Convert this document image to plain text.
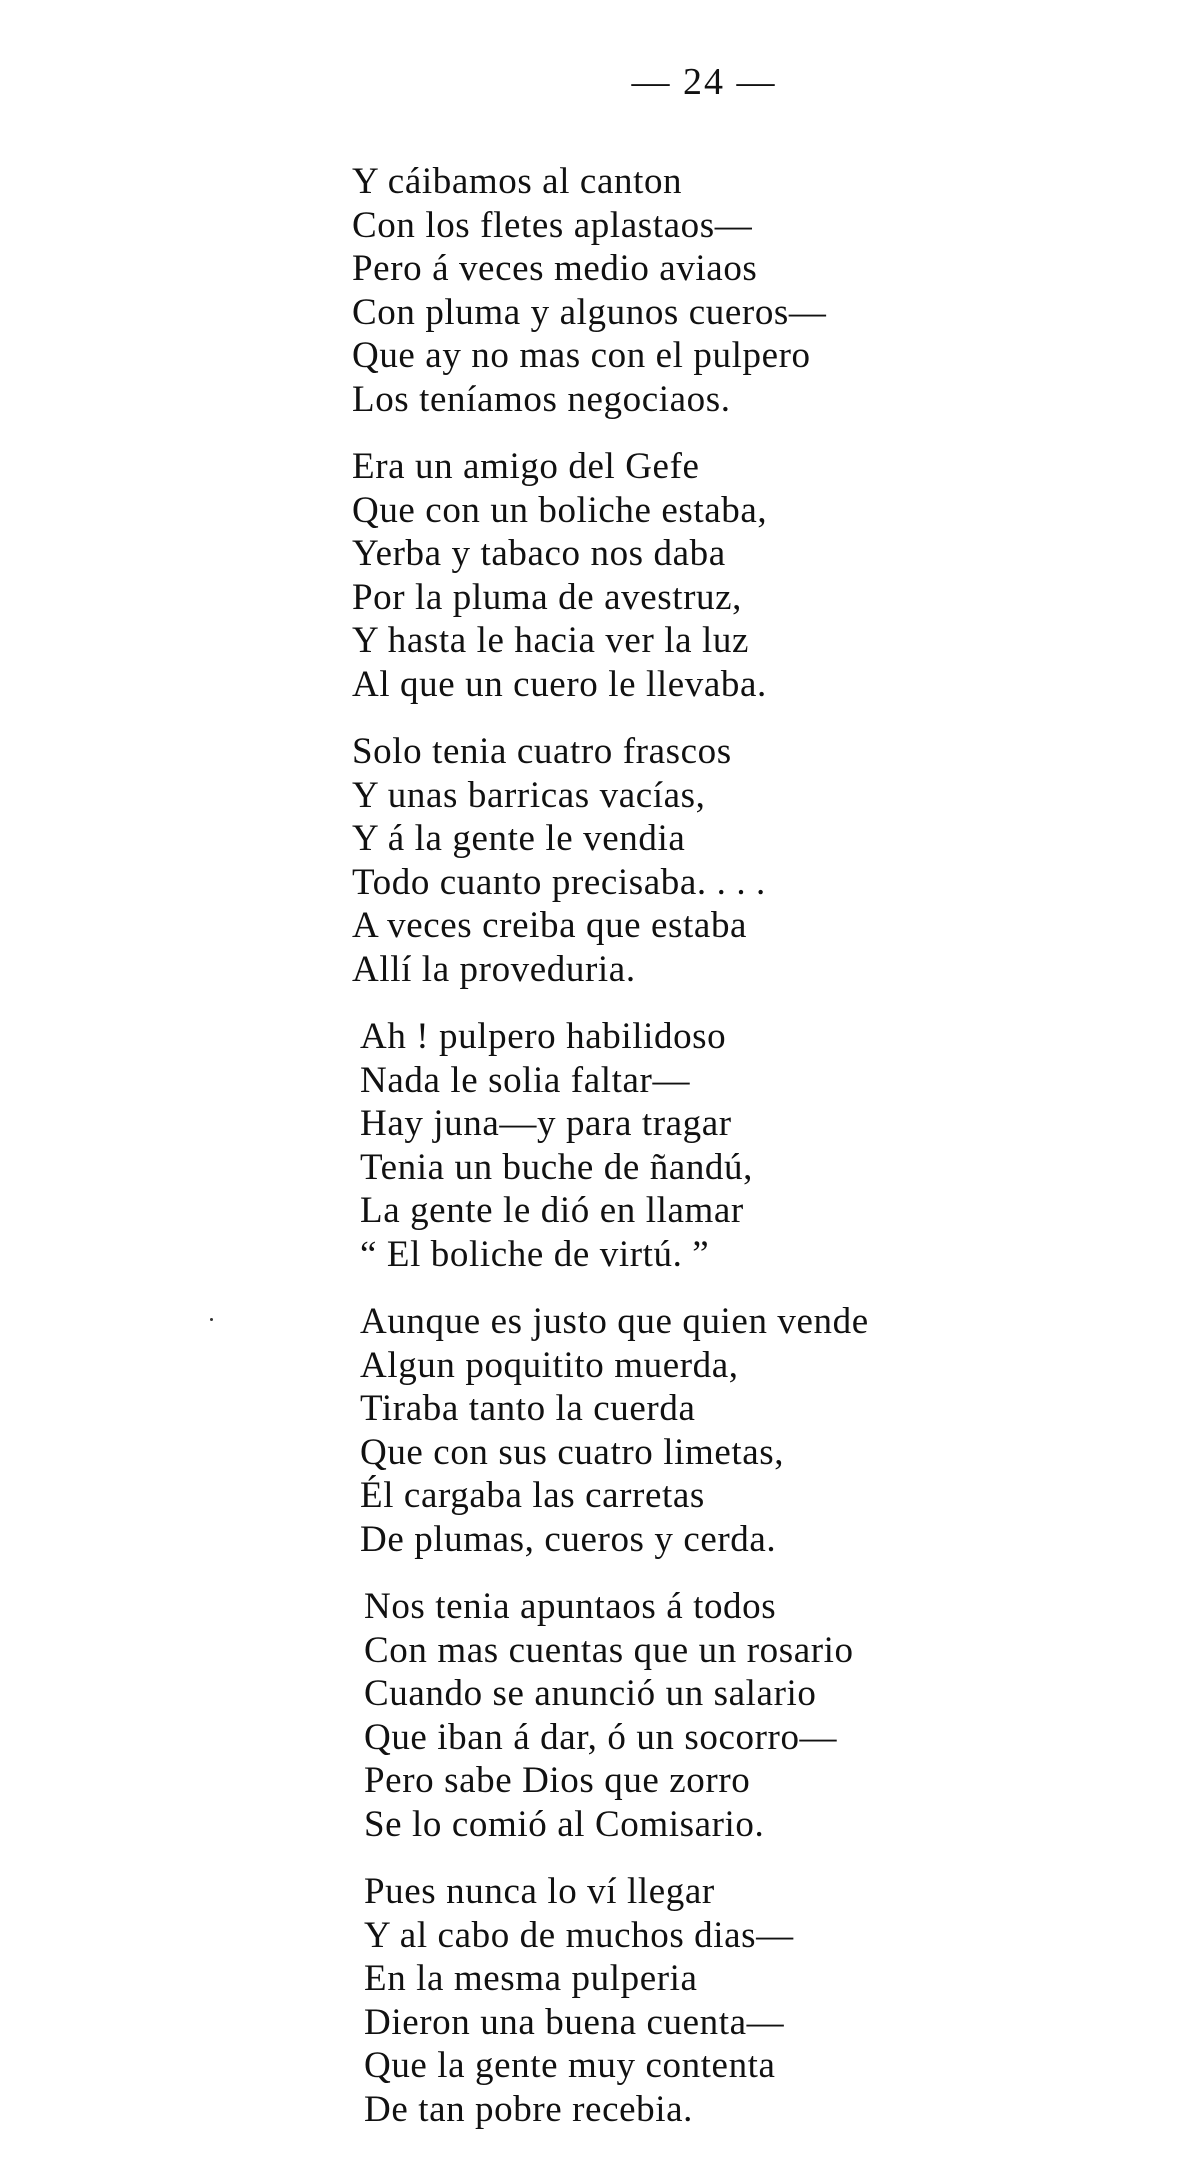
— 24 —
Y cáibamos al canton
Con los fletes aplastaos—
Pero á veces medio aviaos
Con pluma y algunos cueros—
Que ay no mas con el pulpero
Los teníamos negociaos.
Era un amigo del Gefe
Que con un boliche estaba,
Yerba y tabaco nos daba
Por la pluma de avestruz,
Y hasta le hacia ver la luz
Al que un cuero le llevaba.
Solo tenia cuatro frascos
Y unas barricas vacías,
Y á la gente le vendia
Todo cuanto precisaba. . . .
A veces creiba que estaba
Allí la proveduria.
Ah ! pulpero habilidoso
Nada le solia faltar—
Hay juna—y para tragar
Tenia un buche de ñandú,
La gente le dió en llamar
“ El boliche de virtú. ”
Aunque es justo que quien vende
Algun poquitito muerda,
Tiraba tanto la cuerda
Que con sus cuatro limetas,
Él cargaba las carretas
De plumas, cueros y cerda.
Nos tenia apuntaos á todos
Con mas cuentas que un rosario
Cuando se anunció un salario
Que iban á dar, ó un socorro—
Pero sabe Dios que zorro
Se lo comió al Comisario.
Pues nunca lo ví llegar
Y al cabo de muchos dias—
En la mesma pulperia
Dieron una buena cuenta—
Que la gente muy contenta
De tan pobre recebia.
